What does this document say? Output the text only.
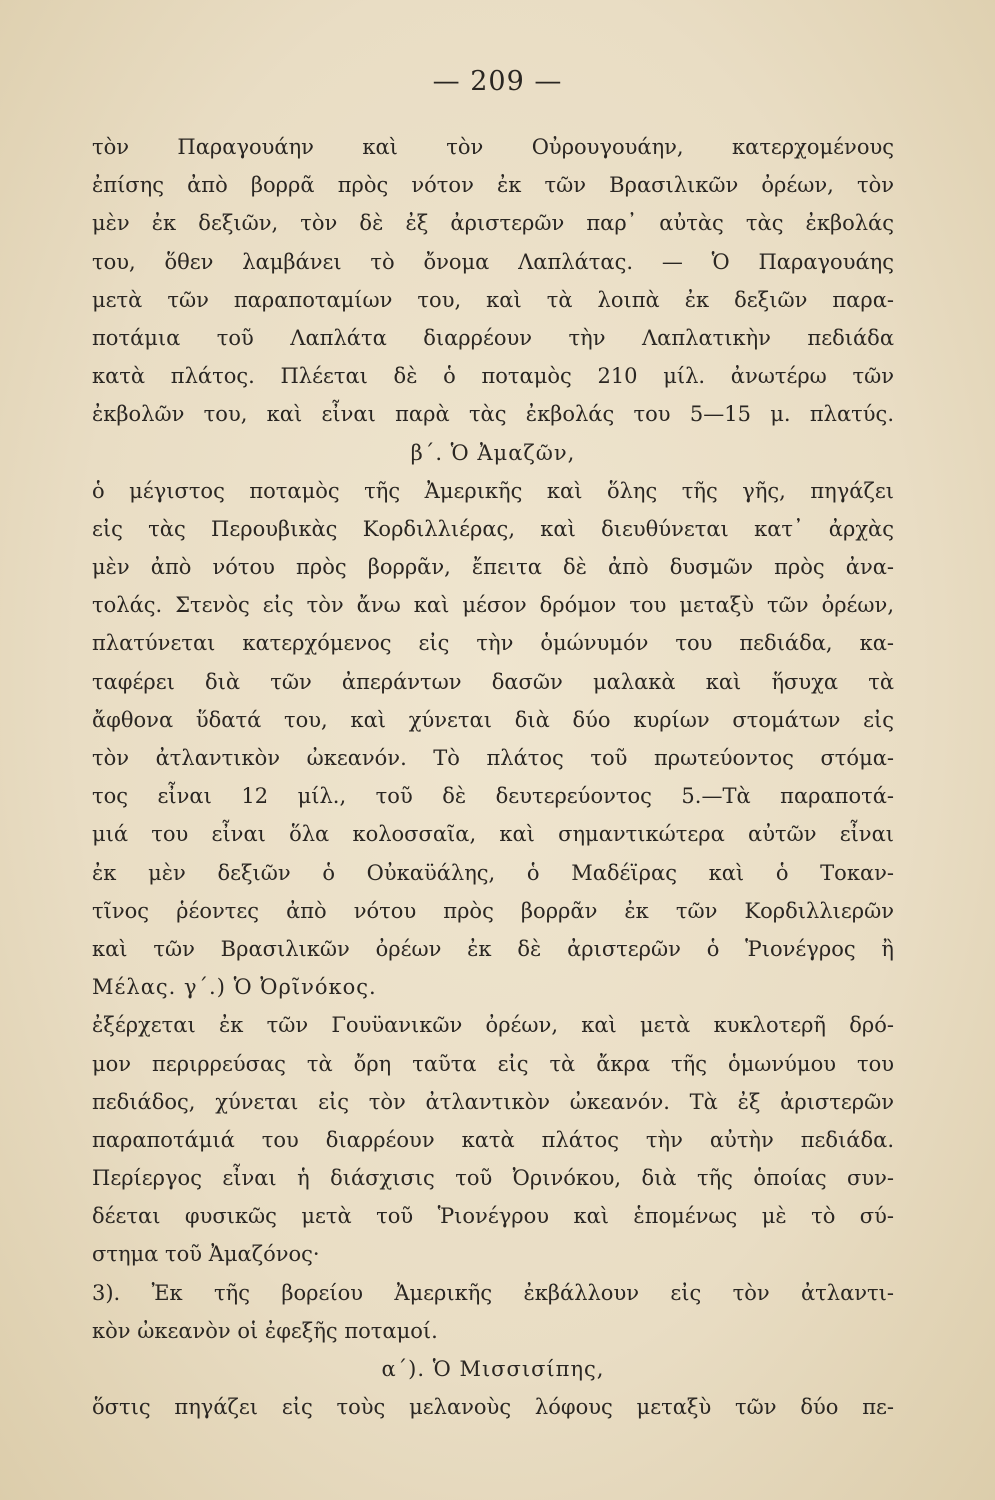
— 209 —
τὸν Παραγουάην καὶ τὸν Οὐρουγουάην, κατερχομένους
ἐπίσης ἀπὸ βορρᾶ πρὸς νότον ἐκ τῶν Βρασιλικῶν ὀρέων, τὸν
μὲν ἐκ δεξιῶν, τὸν δὲ ἐξ ἀριστερῶν παρ᾽ αὐτὰς τὰς ἐκβολάς
του, ὅθεν λαμβάνει τὸ ὄνομα Λαπλάτας. — Ὁ Παραγουάης
μετὰ τῶν παραποταμίων του, καὶ τὰ λοιπὰ ἐκ δεξιῶν παρα-
ποτάμια τοῦ Λαπλάτα διαρρέουν τὴν Λαπλατικὴν πεδιάδα
κατὰ πλάτος. Πλέεται δὲ ὁ ποταμὸς 210 μίλ. ἀνωτέρω τῶν
ἐκβολῶν του, καὶ εἶναι παρὰ τὰς ἐκβολάς του 5—15 μ. πλατύς.
β΄. Ὁ Ἀμαζῶν,
ὁ μέγιστος ποταμὸς τῆς Ἀμερικῆς καὶ ὅλης τῆς γῆς, πηγάζει
εἰς τὰς Περουβικὰς Κορδιλλιέρας, καὶ διευθύνεται κατ᾽ ἀρχὰς
μὲν ἀπὸ νότου πρὸς βορρᾶν, ἔπειτα δὲ ἀπὸ δυσμῶν πρὸς ἀνα-
τολάς. Στενὸς εἰς τὸν ἄνω καὶ μέσον δρόμον του μεταξὺ τῶν ὀρέων,
πλατύνεται κατερχόμενος εἰς τὴν ὁμώνυμόν του πεδιάδα, κα-
ταφέρει διὰ τῶν ἀπεράντων δασῶν μαλακὰ καὶ ἥσυχα τὰ
ἄφθονα ὕδατά του, καὶ χύνεται διὰ δύο κυρίων στομάτων εἰς
τὸν ἀτλαντικὸν ὠκεανόν. Τὸ πλάτος τοῦ πρωτεύοντος στόμα-
τος εἶναι 12 μίλ., τοῦ δὲ δευτερεύοντος 5.—Τὰ παραποτά-
μιά του εἶναι ὅλα κολοσσαῖα, καὶ σημαντικώτερα αὐτῶν εἶναι
ἐκ μὲν δεξιῶν ὁ Οὐκαϋάλης, ὁ Μαδέϊρας καὶ ὁ Τοκαν-
τῖνος ῥέοντες ἀπὸ νότου πρὸς βορρᾶν ἐκ τῶν Κορδιλλιερῶν
καὶ τῶν Βρασιλικῶν ὀρέων ἐκ δὲ ἀριστερῶν ὁ Ῥιονέγρος ἢ
Μέλας. γ΄.) Ὁ Ὀρῖνόκος.
ἐξέρχεται ἐκ τῶν Γουϋανικῶν ὀρέων, καὶ μετὰ κυκλοτερῆ δρό-
μον περιρρεύσας τὰ ὄρη ταῦτα εἰς τὰ ἄκρα τῆς ὁμωνύμου του
πεδιάδος, χύνεται εἰς τὸν ἀτλαντικὸν ὠκεανόν. Τὰ ἐξ ἀριστερῶν
παραποτάμιά του διαρρέουν κατὰ πλάτος τὴν αὐτὴν πεδιάδα.
Περίεργος εἶναι ἡ διάσχισις τοῦ Ὀρινόκου, διὰ τῆς ὁποίας συν-
δέεται φυσικῶς μετὰ τοῦ Ῥιονέγρου καὶ ἑπομένως μὲ τὸ σύ-
στημα τοῦ Ἀμαζόνος·
3). Ἐκ τῆς βορείου Ἀμερικῆς ἐκβάλλουν εἰς τὸν ἀτλαντι-
κὸν ὠκεανὸν οἱ ἐφεξῆς ποταμοί.
α΄). Ὁ Μισσισίπης,
ὅστις πηγάζει εἰς τοὺς μελανοὺς λόφους μεταξὺ τῶν δύο πε-
